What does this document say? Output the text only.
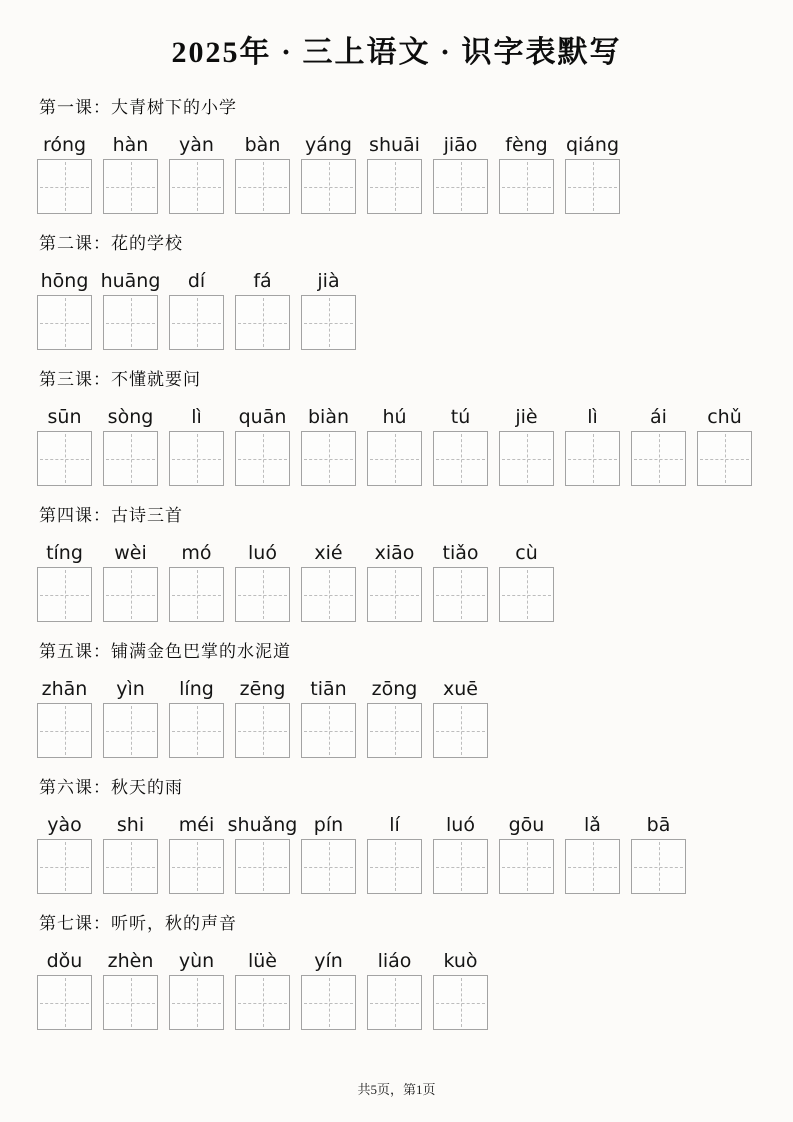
2025年 · 三上语文 · 识字表默写
第一课：大青树下的小学
róng hàn yàn bàn yáng shuāi jiāo fèng qiáng
第二课：花的学校
hōng huāng dí	fá jià
第三课：不懂就要问
sūn sòng lì quān biàn hú tú jiè	lì	ái chǔ
第四课：古诗三首
tíng wèi mó luó xié xiāo tiǎo cù
第五课：铺满金色巴掌的水泥道
zhān yìn líng zēng tiān zōng xuē
第六课：秋天的雨
yào shi méi shuǎng pín lí luó gōu lǎ bā
第七课：听听，秋的声音
dǒu zhèn yùn lüè yín liáo kuò
共5页，第1页
